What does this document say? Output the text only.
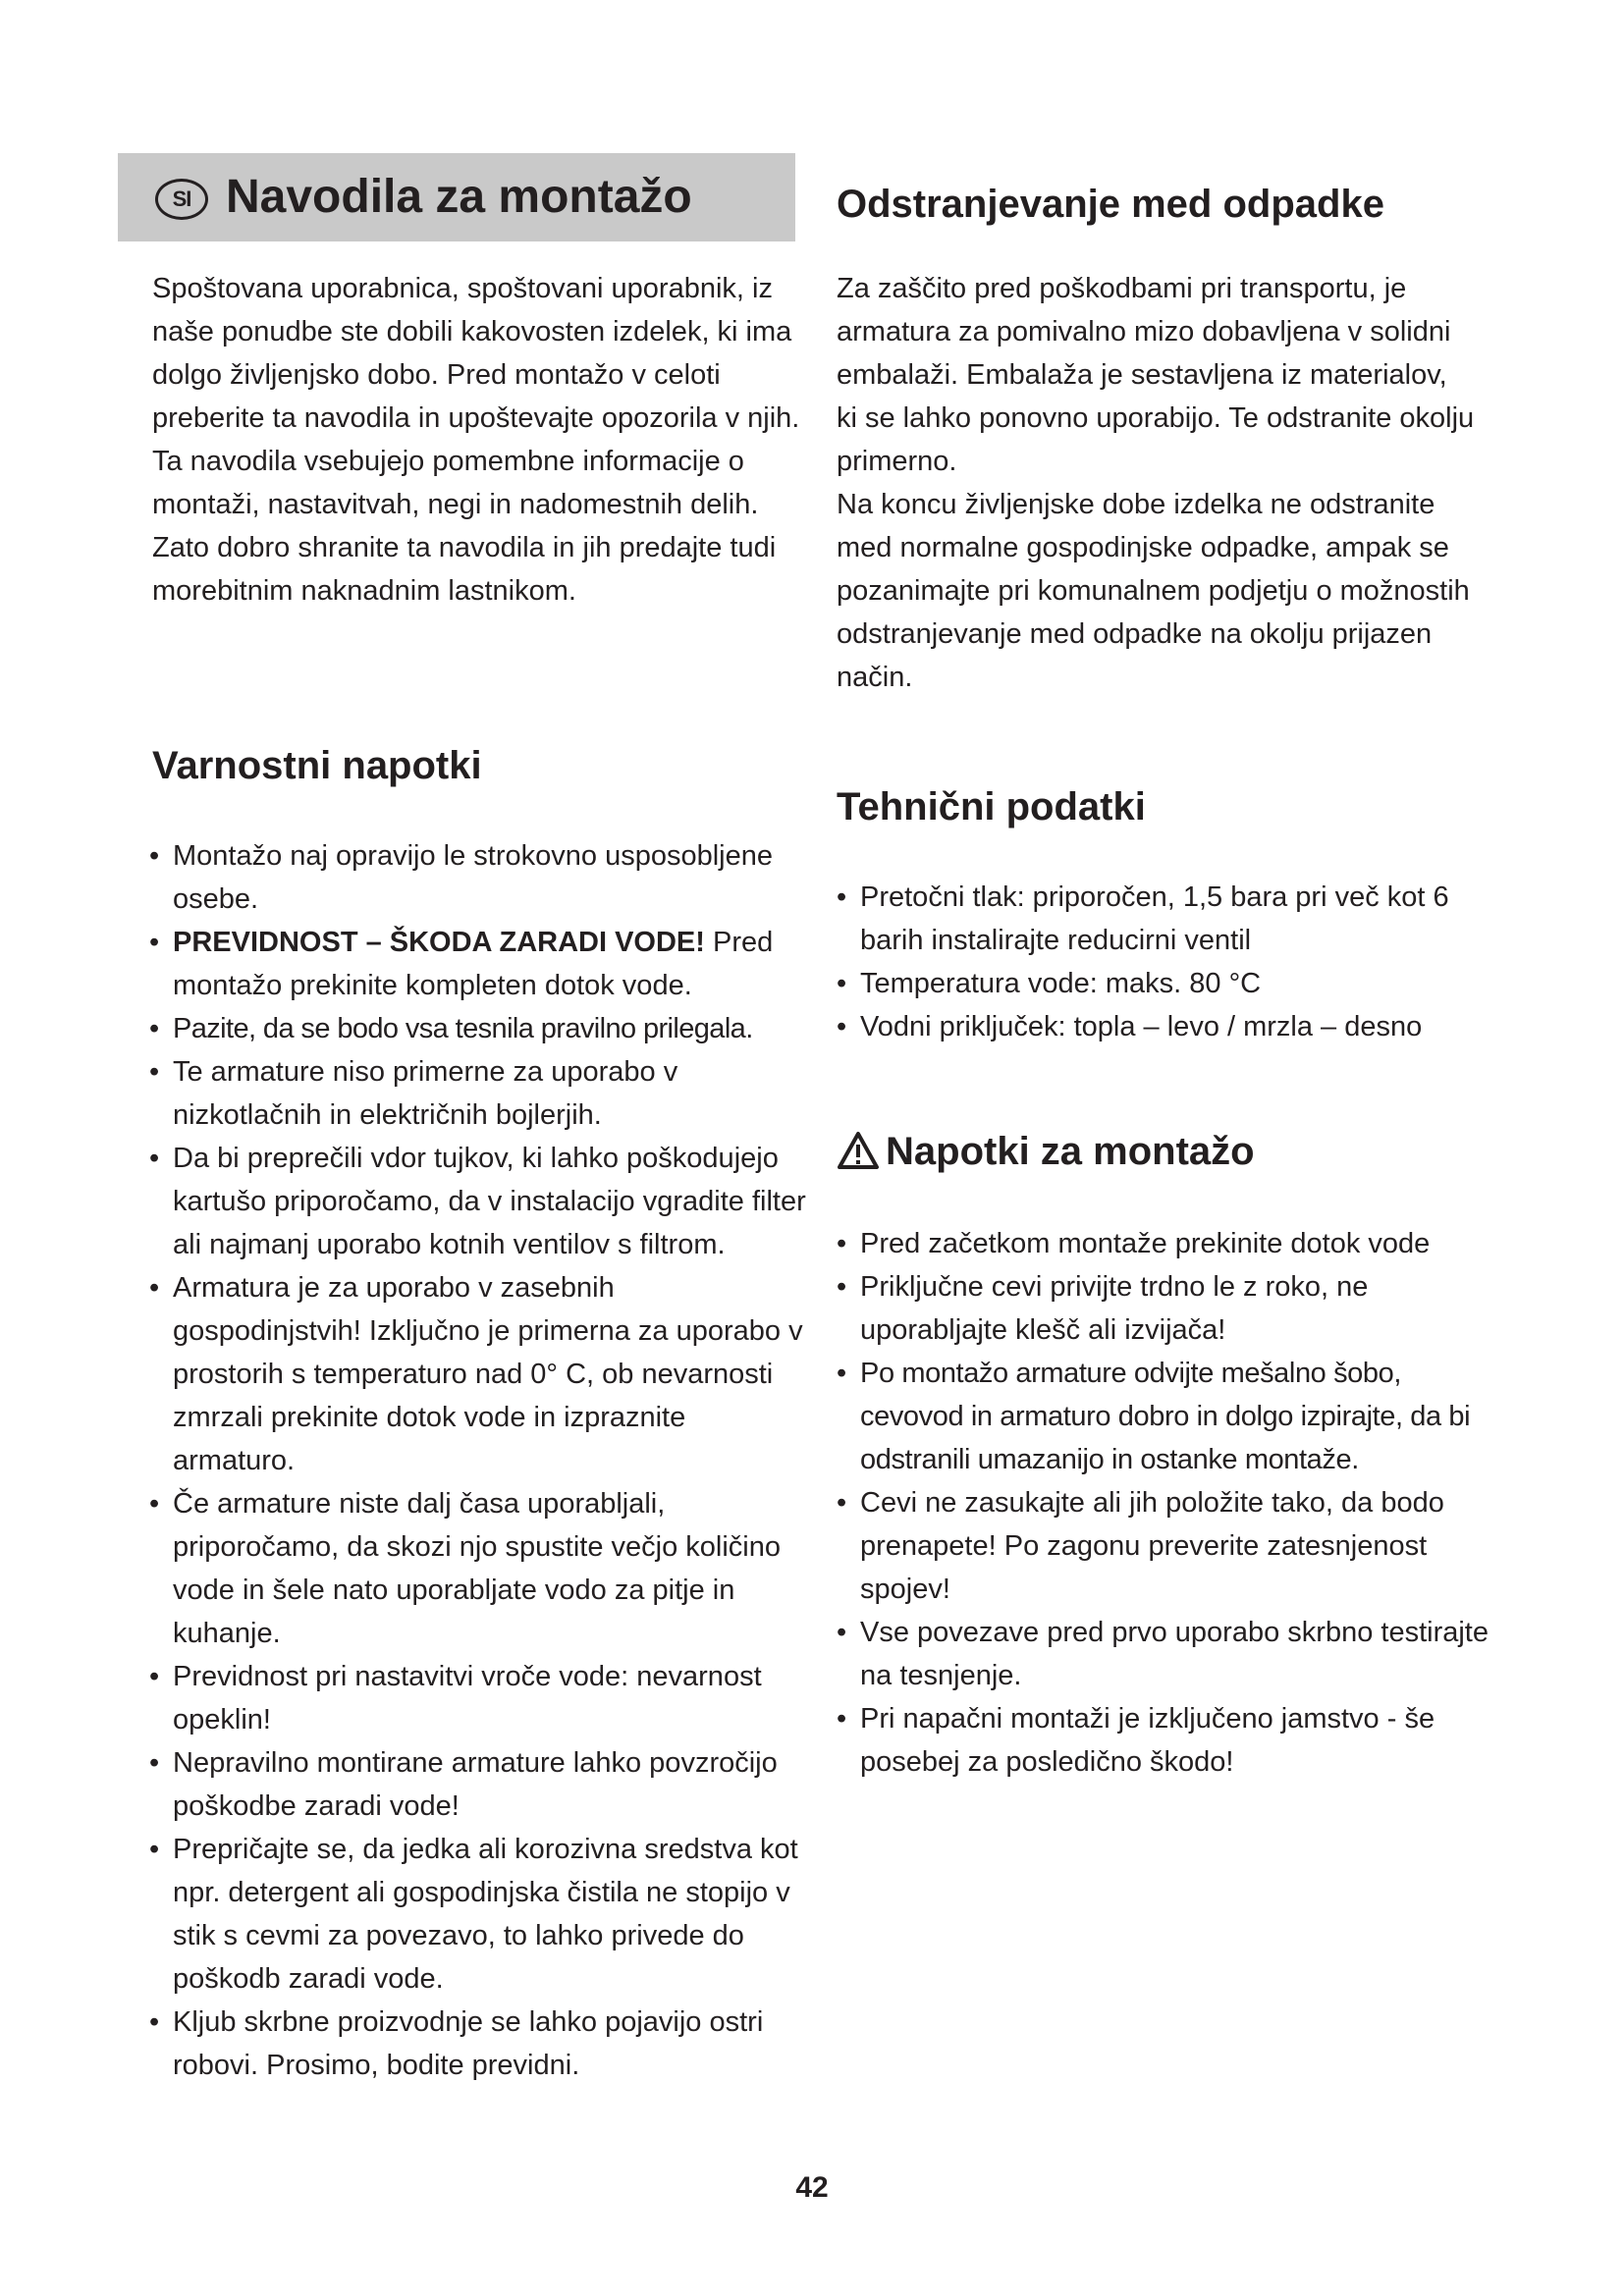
SI Navodila za montažo

Spoštovana uporabnica, spoštovani uporabnik, iz naše ponudbe ste dobili kakovosten izdelek, ki ima dolgo življenjsko dobo. Pred montažo v celoti preberite ta navodila in upoštevajte opozorila v njih. Ta navodila vsebujejo pomembne informacije o montaži, nastavitvah, negi in nadomestnih delih.

Zato dobro shranite ta navodila in jih predajte tudi morebitnim naknadnim lastnikom.

Varnostni napotki
• Montažo naj opravijo le strokovno usposobljene osebe.
• PREVIDNOST – ŠKODA ZARADI VODE! Pred montažo prekinite kompleten dotok vode.
• Pazite, da se bodo vsa tesnila pravilno prilegala.
• Te armature niso primerne za uporabo v nizkotlačnih in električnih bojlerjih.
• Da bi preprečili vdor tujkov, ki lahko poškodujejo kartušo priporočamo, da v instalacijo vgradite filter ali najmanj uporabo kotnih ventilov s filtrom.
• Armatura je za uporabo v zasebnih gospodinjstvih! Izključno je primerna za uporabo v prostorih s temperaturo nad 0° C, ob nevarnosti zmrzali prekinite dotok vode in izpraznite armaturo.
• Če armature niste dalj časa uporabljali, priporočamo, da skozi njo spustite večjo količino vode in šele nato uporabljate vodo za pitje in kuhanje.
• Previdnost pri nastavitvi vroče vode: nevarnost opeklin!
• Nepravilno montirane armature lahko povzročijo poškodbe zaradi vode!
• Prepričajte se, da jedka ali korozivna sredstva kot npr. detergent ali gospodinjska čistila ne stopijo v stik s cevmi za povezavo, to lahko privede do poškodb zaradi vode.
• Kljub skrbne proizvodnje se lahko pojavijo ostri robovi. Prosimo, bodite previdni.
Odstranjevanje med odpadke

Za zaščito pred poškodbami pri transportu, je armatura za pomivalno mizo dobavljena v solidni embalaži. Embalaža je sestavljena iz materialov, ki se lahko ponovno uporabijo. Te odstranite okolju primerno.

Na koncu življenjske dobe izdelka ne odstranite med normalne gospodinjske odpadke, ampak se pozanimajte pri komunalnem podjetju o možnostih odstranjevanje med odpadke na okolju prijazen način.

Tehnični podatki
• Pretočni tlak: priporočen, 1,5 bara pri več kot 6 barih instalirajte reducirni ventil
• Temperatura vode: maks. 80 °C
• Vodni priključek: topla – levo / mrzla – desno
Napotki za montažo
• Pred začetkom montaže prekinite dotok vode
• Priključne cevi privijte trdno le z roko, ne uporabljajte klešč ali izvijača!
• Po montažo armature odvijte mešalno šobo, cevovod in armaturo dobro in dolgo izpirajte, da bi odstranili umazanijo in ostanke montaže.
• Cevi ne zasukajte ali jih položite tako, da bodo prenapete! Po zagonu preverite zatesnjenost spojev!
• Vse povezave pred prvo uporabo skrbno testirajte na tesnjenje.
• Pri napačni montaži je izključeno jamstvo - še posebej za posledično škodo!
42
